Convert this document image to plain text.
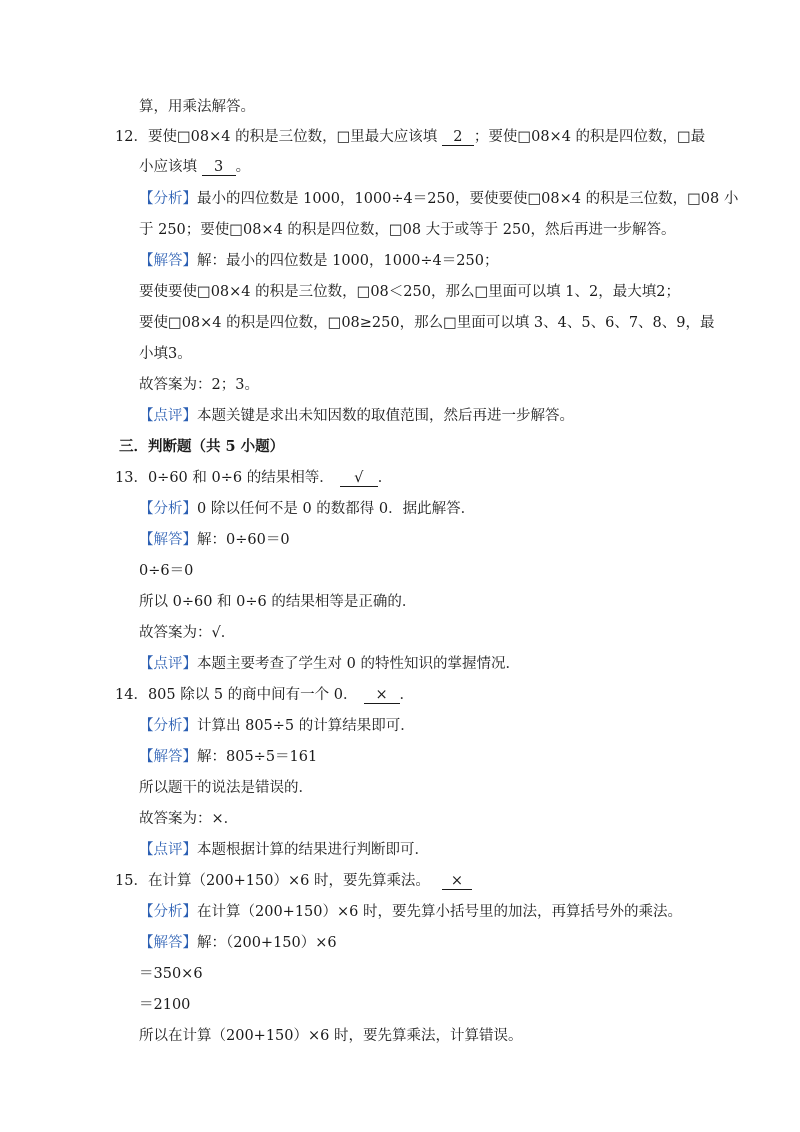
算，用乘法解答。
12．要使□08×4 的积是三位数，□里最大应该填 2 ；要使□08×4 的积是四位数，□最
小应该填 3 。
【分析】最小的四位数是 1000，1000÷4＝250，要使要使□08×4 的积是三位数，□08 小
于 250；要使□08×4 的积是四位数，□08 大于或等于 250，然后再进一步解答。
【解答】解：最小的四位数是 1000，1000÷4＝250；
要使要使□08×4 的积是三位数，□08＜250，那么□里面可以填 1、2，最大填2；
要使□08×4 的积是四位数，□08≥250，那么□里面可以填 3、4、5、6、7、8、9，最
小填3。
故答案为：2；3。
【点评】本题关键是求出未知因数的取值范围，然后再进一步解答。
三．判断题（共 5 小题）
13．0÷60 和 0÷6 的结果相等． √ ．
【分析】0 除以任何不是 0 的数都得 0．据此解答．
【解答】解：0÷60＝0
0÷6＝0
所以 0÷60 和 0÷6 的结果相等是正确的．
故答案为：√．
【点评】本题主要考查了学生对 0 的特性知识的掌握情况．
14．805 除以 5 的商中间有一个 0． × ．
【分析】计算出 805÷5 的计算结果即可．
【解答】解：805÷5＝161
所以题干的说法是错误的．
故答案为：×．
【点评】本题根据计算的结果进行判断即可．
15．在计算（200+150）×6 时，要先算乘法。 ×
【分析】在计算（200+150）×6 时，要先算小括号里的加法，再算括号外的乘法。
【解答】解：（200+150）×6
＝350×6
＝2100
所以在计算（200+150）×6 时，要先算乘法，计算错误。
